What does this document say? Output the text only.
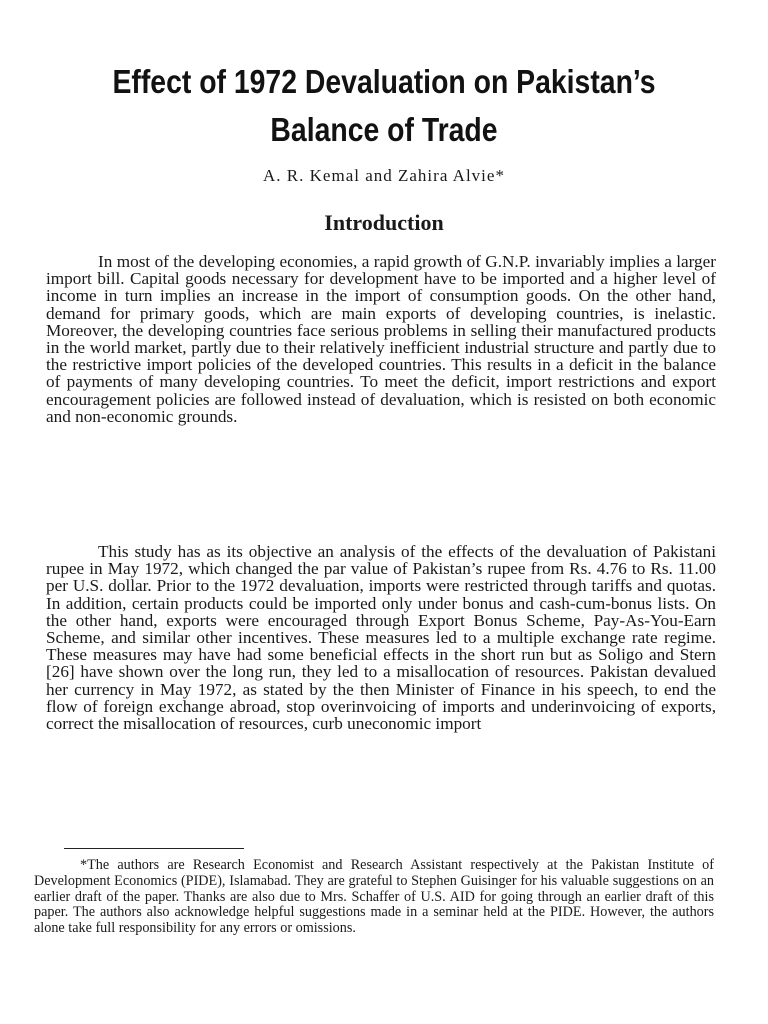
Effect of 1972 Devaluation on Pakistan’s
Balance of Trade
A. R. Kemal and Zahira Alvie*
Introduction

In most of the developing economies, a rapid growth of G.N.P. invariably implies a larger import bill. Capital goods necessary for development have to be imported and a higher level of income in turn implies an increase in the import of consumption goods. On the other hand, demand for primary goods, which are main exports of developing countries, is inelastic. Moreover, the developing countries face serious problems in selling their manufactured products in the world market, partly due to their relatively inefficient industrial structure and partly due to the restrictive import policies of the developed countries. This results in a deficit in the balance of payments of many developing countries. To meet the deficit, import restrictions and export encouragement policies are followed instead of devaluation, which is resisted on both economic and non-economic grounds.

This study has as its objective an analysis of the effects of the devaluation of Pakistani rupee in May 1972, which changed the par value of Pakistan’s rupee from Rs. 4.76 to Rs. 11.00 per U.S. dollar. Prior to the 1972 devaluation, imports were restricted through tariffs and quotas. In addition, certain products could be imported only under bonus and cash-cum-bonus lists. On the other hand, exports were encouraged through Export Bonus Scheme, Pay-As-You-Earn Scheme, and similar other incentives. These measures led to a multiple exchange rate regime. These measures may have had some beneficial effects in the short run but as Soligo and Stern [26] have shown over the long run, they led to a misallocation of resources. Pakistan devalued her currency in May 1972, as stated by the then Minister of Finance in his speech, to end the flow of foreign exchange abroad, stop overinvoicing of imports and underinvoicing of exports, correct the misallocation of resources, curb uneconomic import

*The authors are Research Economist and Research Assistant respectively at the Pakistan Institute of Development Economics (PIDE), Islamabad. They are grateful to Stephen Guisinger for his valuable suggestions on an earlier draft of the paper. Thanks are also due to Mrs. Schaffer of U.S. AID for going through an earlier draft of this paper. The authors also acknowledge helpful suggestions made in a seminar held at the PIDE. However, the authors alone take full responsibility for any errors or omissions.
